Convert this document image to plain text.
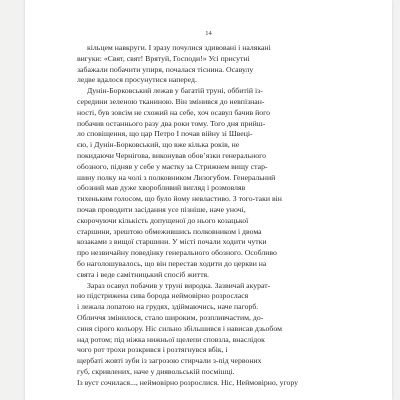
14
кільцем навкруги. І зразу почулися здивовані і наляканi
вигуки: «Свят, свят! Врятуй, Господи!» Усі присутні
забажали побачити упиря, почалася тіснина. Осавулу
ледве вдалося просунутися наперед.
Дунін-Борковський лежав у багатій труні, оббитій із-
середини зеленою тканиною. Він змінився до невпізнан-
ності, був зовсім не схожий на себе, хоч осавул бачив його
побачив останнього разу два роки тому. Того дня прийш-
ло сповіщення, що цар Петро І почав війну зі Швеці-
єю, і Дунін-Борковський, що вже кілька років, не
покидаючи Чернігова, виконував обов’язки генерального
обозного, підняв у себе у маєтку за Стрижнем вищу стар-
шину полку на чолі з полковником Лизогубом. Генеральний
обозний мав дуже хворобливий вигляд і розмовляв
тихеньким голосом, що було йому невластиво. З того-таки він
почав проводити засідання усе пізніше, наче уночі,
скорочуючи кількість допущеної до нього козацької
старшини, зрештою обмежившись полковником і двома
козаками з вищої старшини. У місті почали ходити чутки
про незвичайну поведінку генерального обозного. Особливо
бо наголошувалось, що він перестав ходити до церкви на
свята і веде самітницький спосіб життя.
Зараз осавул побачив у труні виродка. Зазвичай акурат-
но підстрижена сива борода неймовірно розрослася
і лежала лопатою на грудях, здіймаючись, наче пагорб.
Обличчя змінилося, стало широким, розпливчастим, до-
синя сірого кольору. Ніс сильно збільшився і нависав дзьобом
над ротом; під ніжка нижньої щелепи сповзла, внаслідок
чого рот трохи розкрився і розтягнувся вбік, і
щербаті жовті зуби із загрозою стирчали з-під червоних
губ, скривлених, наче у диявольській посмішці.
Із вуст сочилася..., неймовірно розрослися. Ніс, Неймовірно, угору
